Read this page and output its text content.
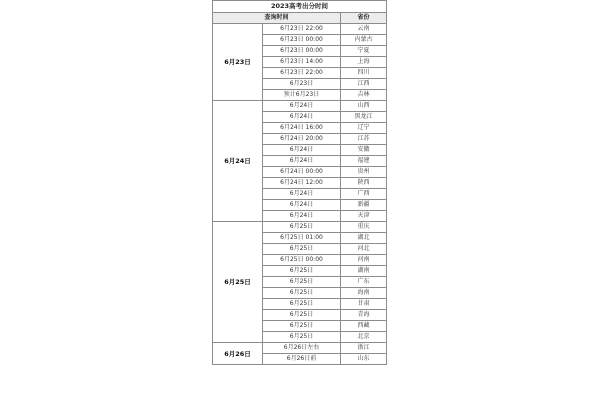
2023高考出分时间		
查询时间		省份
6月23日	6月23日 22:00	云南
	6月23日 00:00	内蒙古
	6月23日 00:00	宁夏
	6月23日 14:00	上海
	6月23日 22:00	四川
	6月23日	江西
	预计6月23日	吉林
6月24日	6月24日	山西
	6月24日	黑龙江
	6月24日 16:00	辽宁
	6月24日 20:00	江苏
	6月24日	安徽
	6月24日	福建
	6月24日 00:00	贵州
	6月24日 12:00	陕西
	6月24日	广西
	6月24日	新疆
	6月24日	天津
6月25日	6月25日	重庆
	6月25日 01:00	湖北
	6月25日	河北
	6月25日 00:00	河南
	6月25日	湖南
	6月25日	广东
	6月25日	海南
	6月25日	甘肃
	6月25日	青海
	6月25日	西藏
	6月25日	北京
6月26日	6月26日左右	浙江
	6月26日前	山东
